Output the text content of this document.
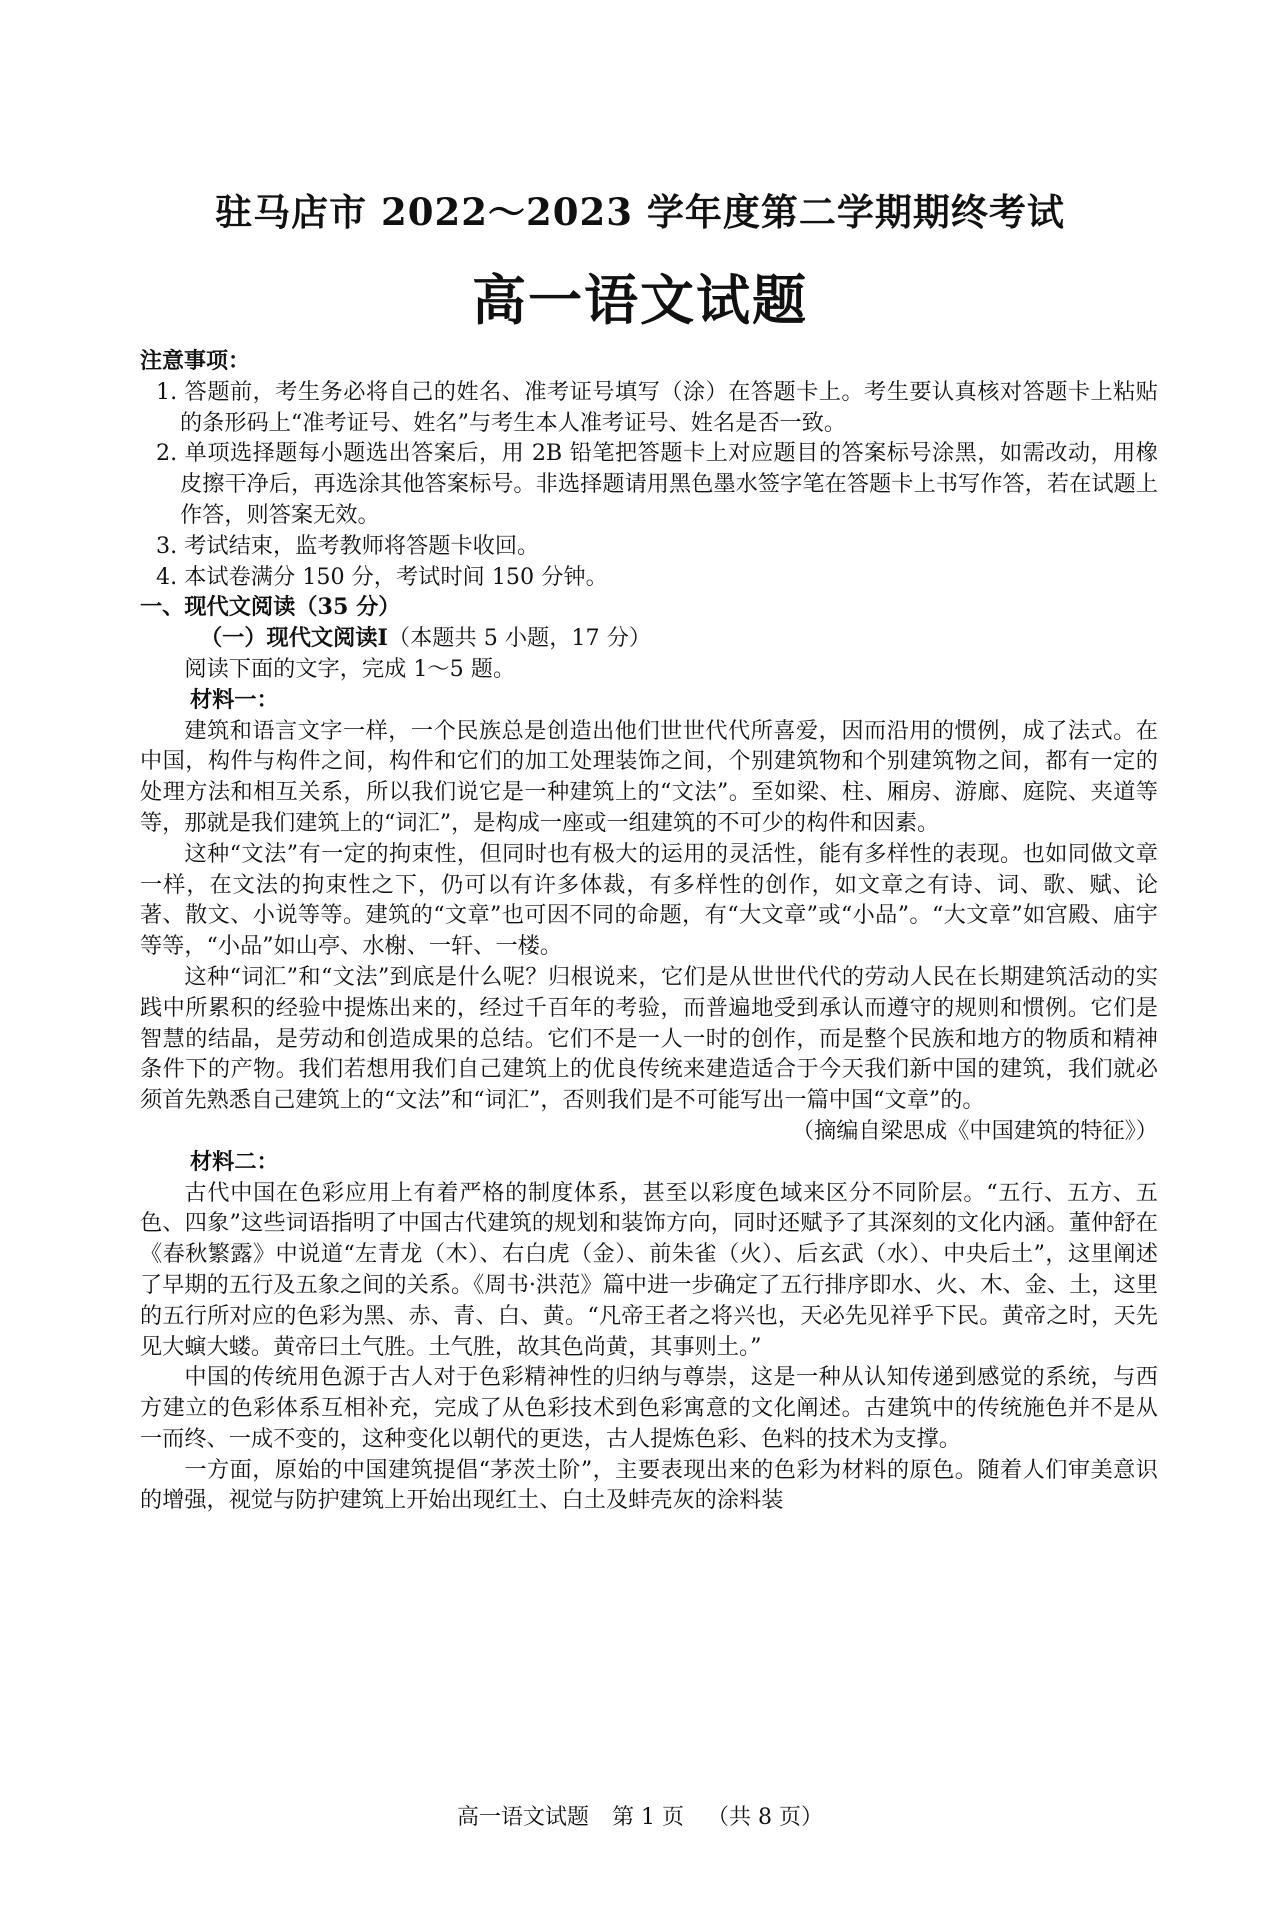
驻马店市 2022～2023 学年度第二学期期终考试
高一语文试题

注意事项：

1. 答题前，考生务必将自己的姓名、准考证号填写（涂）在答题卡上。考生要认真核对答题卡上粘贴的条形码上“准考证号、姓名”与考生本人准考证号、姓名是否一致。

2. 单项选择题每小题选出答案后，用 2B 铅笔把答题卡上对应题目的答案标号涂黑，如需改动，用橡皮擦干净后，再选涂其他答案标号。非选择题请用黑色墨水签字笔在答题卡上书写作答，若在试题上作答，则答案无效。

3. 考试结束，监考教师将答题卡收回。

4. 本试卷满分 150 分，考试时间 150 分钟。

一、现代文阅读（35 分）

（一）现代文阅读Ⅰ（本题共 5 小题，17 分）

阅读下面的文字，完成 1～5 题。

材料一：

建筑和语言文字一样，一个民族总是创造出他们世世代代所喜爱，因而沿用的惯例，成了法式。在中国，构件与构件之间，构件和它们的加工处理装饰之间，个别建筑物和个别建筑物之间，都有一定的处理方法和相互关系，所以我们说它是一种建筑上的“文法”。至如梁、柱、厢房、游廊、庭院、夹道等等，那就是我们建筑上的“词汇”，是构成一座或一组建筑的不可少的构件和因素。

这种“文法”有一定的拘束性，但同时也有极大的运用的灵活性，能有多样性的表现。也如同做文章一样，在文法的拘束性之下，仍可以有许多体裁，有多样性的创作，如文章之有诗、词、歌、赋、论著、散文、小说等等。建筑的“文章”也可因不同的命题，有“大文章”或“小品”。“大文章”如宫殿、庙宇等等，“小品”如山亭、水榭、一轩、一楼。

这种“词汇”和“文法”到底是什么呢？归根说来，它们是从世世代代的劳动人民在长期建筑活动的实践中所累积的经验中提炼出来的，经过千百年的考验，而普遍地受到承认而遵守的规则和惯例。它们是智慧的结晶，是劳动和创造成果的总结。它们不是一人一时的创作，而是整个民族和地方的物质和精神条件下的产物。我们若想用我们自己建筑上的优良传统来建造适合于今天我们新中国的建筑，我们就必须首先熟悉自己建筑上的“文法”和“词汇”，否则我们是不可能写出一篇中国“文章”的。

（摘编自梁思成《中国建筑的特征》）

材料二：

古代中国在色彩应用上有着严格的制度体系，甚至以彩度色域来区分不同阶层。“五行、五方、五色、四象”这些词语指明了中国古代建筑的规划和装饰方向，同时还赋予了其深刻的文化内涵。董仲舒在《春秋繁露》中说道“左青龙（木）、右白虎（金）、前朱雀（火）、后玄武（水）、中央后土”，这里阐述了早期的五行及五象之间的关系。《周书·洪范》篇中进一步确定了五行排序即水、火、木、金、土，这里的五行所对应的色彩为黑、赤、青、白、黄。“凡帝王者之将兴也，天必先见祥乎下民。黄帝之时，天先见大螾大蝼。黄帝曰土气胜。土气胜，故其色尚黄，其事则土。”

中国的传统用色源于古人对于色彩精神性的归纳与尊崇，这是一种从认知传递到感觉的系统，与西方建立的色彩体系互相补充，完成了从色彩技术到色彩寓意的文化阐述。古建筑中的传统施色并不是从一而终、一成不变的，这种变化以朝代的更迭，古人提炼色彩、色料的技术为支撑。

一方面，原始的中国建筑提倡“茅茨土阶”，主要表现出来的色彩为材料的原色。随着人们审美意识的增强，视觉与防护建筑上开始出现红土、白土及蚌壳灰的涂料装

高一语文试题 第 1 页 （共 8 页）
